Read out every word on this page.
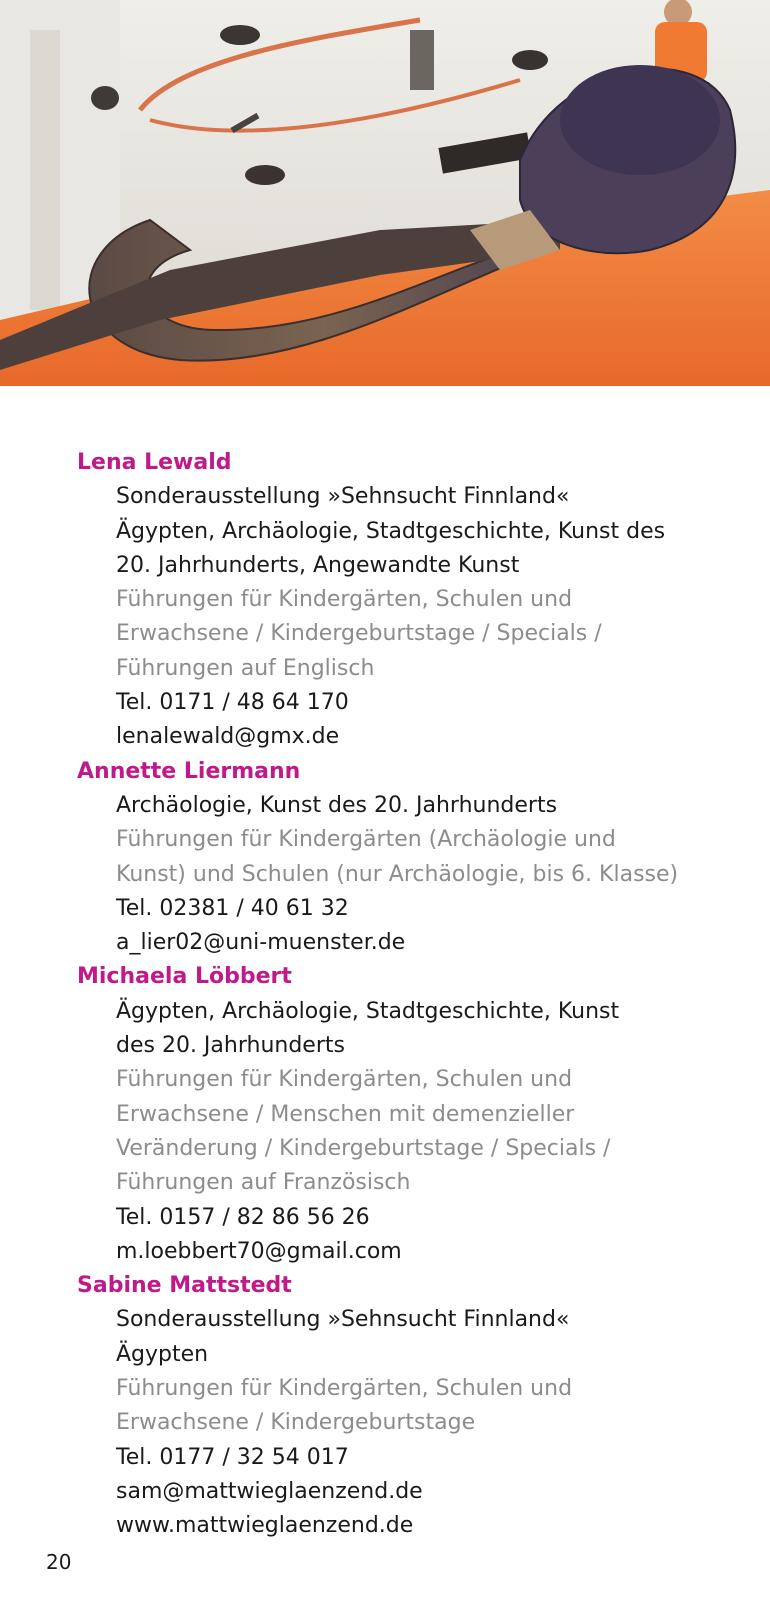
Lena Lewald
Sonderausstellung »Sehnsucht Finnland«
Ägypten, Archäologie, Stadtgeschichte, Kunst des
20. Jahrhunderts, Angewandte Kunst
Führungen für Kindergärten, Schulen und
Erwachsene / Kindergeburtstage / Specials /
Führungen auf Englisch
Tel. 0171 / 48 64 170
lenalewald@gmx.de
Annette Liermann
Archäologie, Kunst des 20. Jahrhunderts
Führungen für Kindergärten (Archäologie und
Kunst) und Schulen (nur Archäologie, bis 6. Klasse)
Tel. 02381 / 40 61 32
a_lier02@uni-muenster.de
Michaela Löbbert
Ägypten, Archäologie, Stadtgeschichte, Kunst
des 20. Jahrhunderts
Führungen für Kindergärten, Schulen und
Erwachsene / Menschen mit demenzieller
Veränderung / Kindergeburtstage / Specials /
Führungen auf Französisch
Tel. 0157 / 82 86 56 26
m.loebbert70@gmail.com
Sabine Mattstedt
Sonderausstellung »Sehnsucht Finnland«
Ägypten
Führungen für Kindergärten, Schulen und
Erwachsene / Kindergeburtstage
Tel. 0177 / 32 54 017
sam@mattwieglaenzend.de
www.mattwieglaenzend.de
20
